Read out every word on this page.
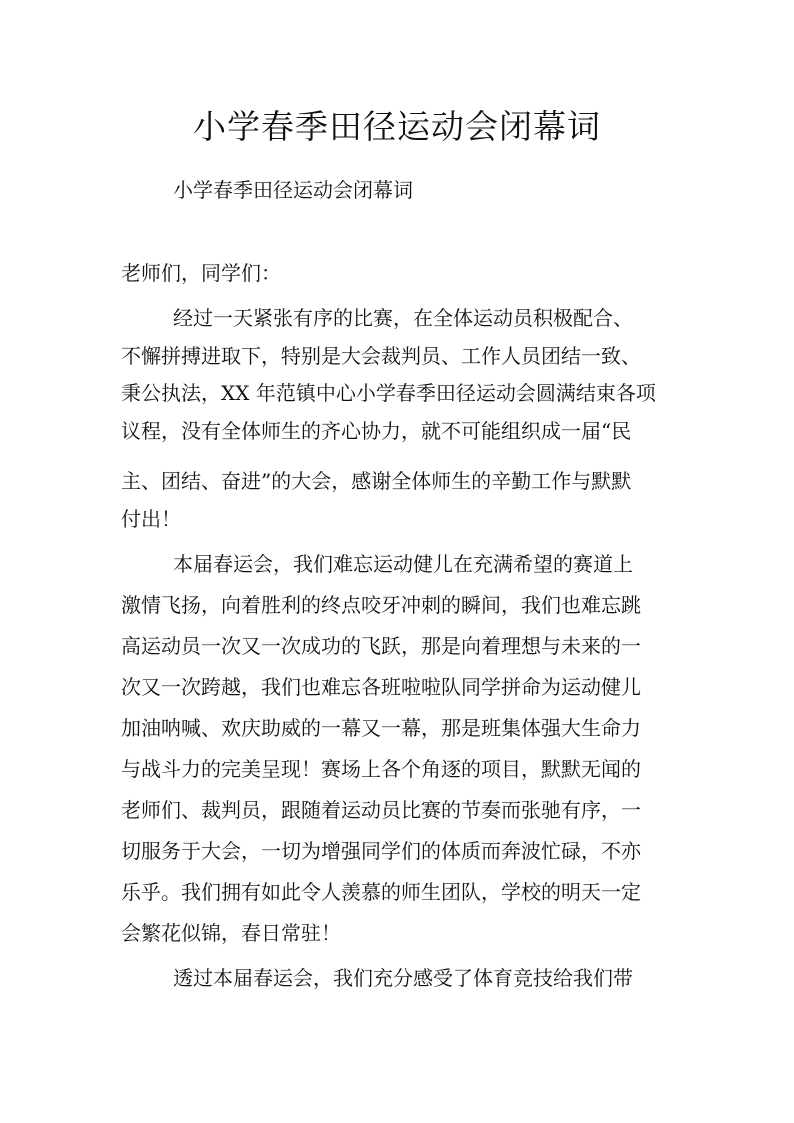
小学春季田径运动会闭幕词

小学春季田径运动会闭幕词

老师们，同学们：

经过一天紧张有序的比赛，在全体运动员积极配合、

不懈拼搏进取下，特别是大会裁判员、工作人员团结一致、

秉公执法，XX 年范镇中心小学春季田径运动会圆满结束各项

议程，没有全体师生的齐心协力，就不可能组织成一届“民

主、团结、奋进”的大会，感谢全体师生的辛勤工作与默默

付出！

本届春运会，我们难忘运动健儿在充满希望的赛道上

激情飞扬，向着胜利的终点咬牙冲刺的瞬间，我们也难忘跳

高运动员一次又一次成功的飞跃，那是向着理想与未来的一

次又一次跨越，我们也难忘各班啦啦队同学拼命为运动健儿

加油呐喊、欢庆助威的一幕又一幕，那是班集体强大生命力

与战斗力的完美呈现！赛场上各个角逐的项目，默默无闻的

老师们、裁判员，跟随着运动员比赛的节奏而张驰有序，一

切服务于大会，一切为增强同学们的体质而奔波忙碌，不亦

乐乎。我们拥有如此令人羡慕的师生团队，学校的明天一定

会繁花似锦，春日常驻！

透过本届春运会，我们充分感受了体育竞技给我们带
